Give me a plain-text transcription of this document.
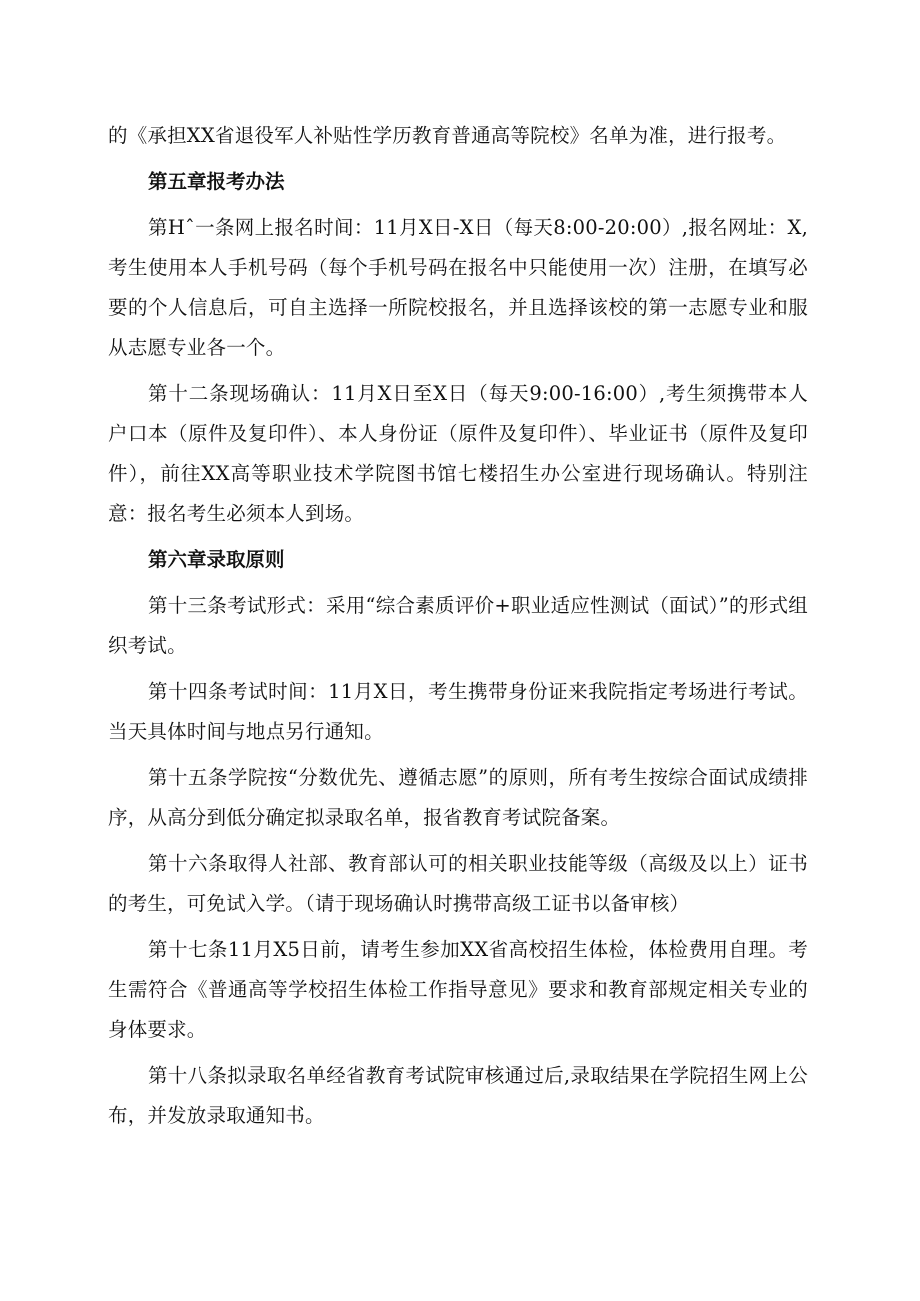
的《承担XX省退役军人补贴性学历教育普通高等院校》名单为准，进行报考。

第五章报考办法

第Hˆ一条网上报名时间：11月X日-X日（每天8:00-20:00）,报名网址：X,考生使用本人手机号码（每个手机号码在报名中只能使用一次）注册，在填写必要的个人信息后，可自主选择一所院校报名，并且选择该校的第一志愿专业和服从志愿专业各一个。

第十二条现场确认：11月X日至X日（每天9:00-16:00）,考生须携带本人户口本（原件及复印件）、本人身份证（原件及复印件）、毕业证书（原件及复印件），前往XX高等职业技术学院图书馆七楼招生办公室进行现场确认。特别注意：报名考生必须本人到场。

第六章录取原则

第十三条考试形式：采用“综合素质评价+职业适应性测试（面试）”的形式组织考试。

第十四条考试时间：11月X日，考生携带身份证来我院指定考场进行考试。当天具体时间与地点另行通知。

第十五条学院按“分数优先、遵循志愿”的原则，所有考生按综合面试成绩排序，从高分到低分确定拟录取名单，报省教育考试院备案。

第十六条取得人社部、教育部认可的相关职业技能等级（高级及以上）证书的考生，可免试入学。（请于现场确认时携带高级工证书以备审核）

第十七条11月X5日前，请考生参加XX省高校招生体检，体检费用自理。考生需符合《普通高等学校招生体检工作指导意见》要求和教育部规定相关专业的身体要求。

第十八条拟录取名单经省教育考试院审核通过后,录取结果在学院招生网上公布，并发放录取通知书。
